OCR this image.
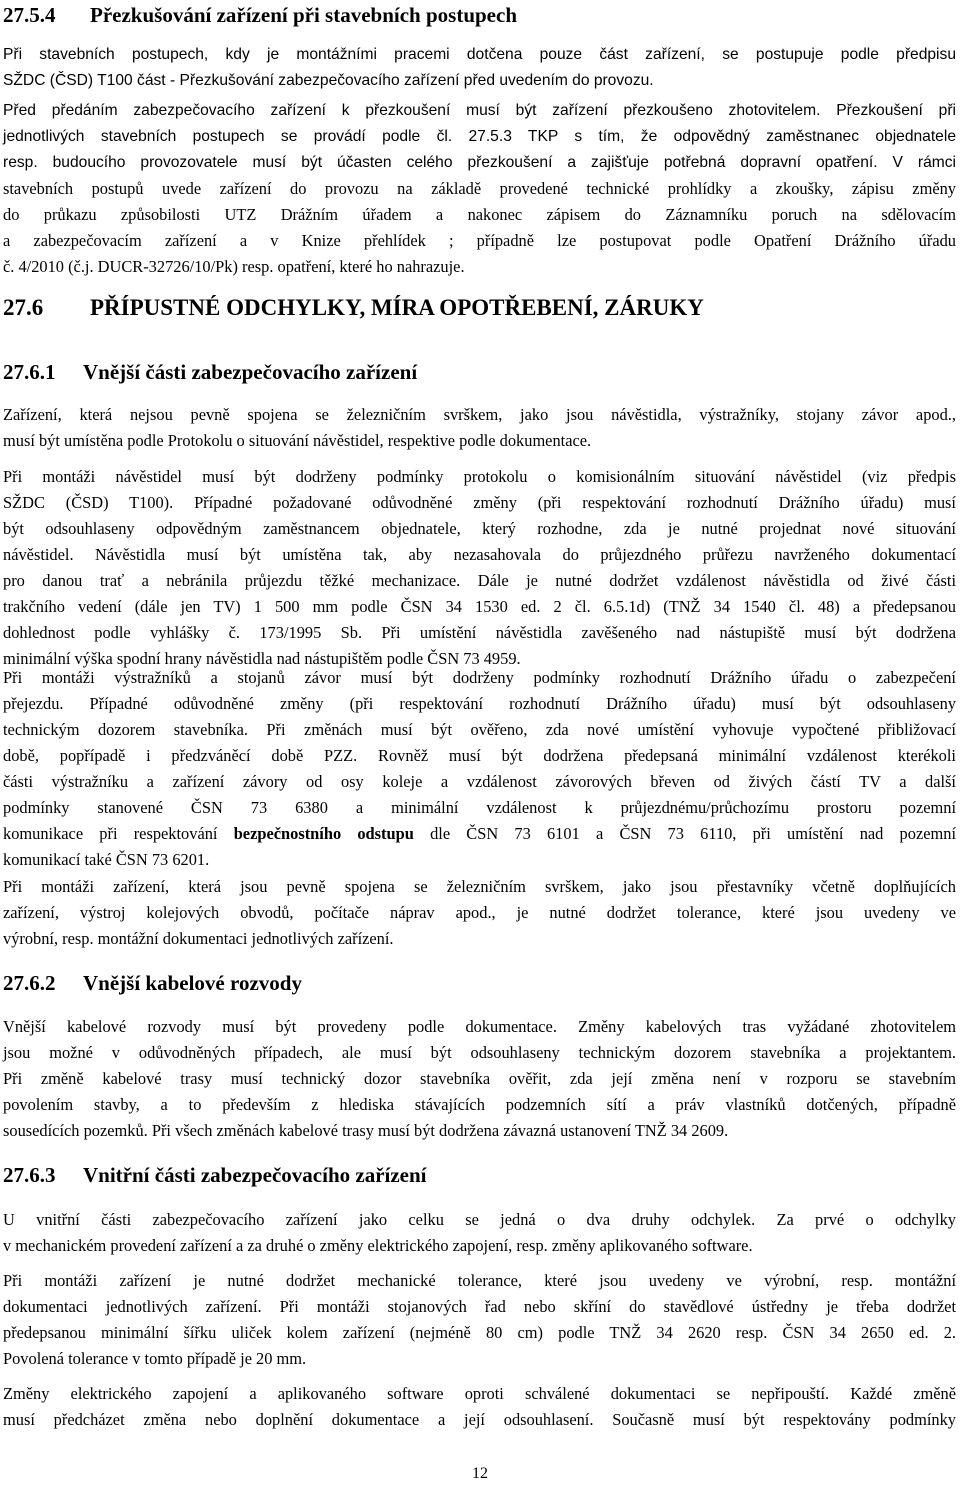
27.5.4 Přezkušování zařízení při stavebních postupech
Při stavebních postupech, kdy je montážními pracemi dotčena pouze část zařízení, se postupuje podle předpisu
SŽDC (ČSD) T100 část - Přezkušování zabezpečovacího zařízení před uvedením do provozu.
Před předáním zabezpečovacího zařízení k přezkoušení musí být zařízení přezkoušeno zhotovitelem. Přezkoušení při
jednotlivých stavebních postupech se provádí podle čl. 27.5.3 TKP s tím, že odpovědný zaměstnanec objednatele
resp. budoucího provozovatele musí být účasten celého přezkoušení a zajišťuje potřebná dopravní opatření. V rámci
stavebních postupů uvede zařízení do provozu na základě provedené technické prohlídky a zkoušky, zápisu změny
do průkazu způsobilosti UTZ Drážním úřadem a nakonec zápisem do Záznamníku poruch na sdělovacím
a zabezpečovacím zařízení a v Knize přehlídek ; případně lze postupovat podle Opatření Drážního úřadu
č. 4/2010 (č.j. DUCR-32726/10/Pk) resp. opatření, které ho nahrazuje.
27.6 PŘÍPUSTNÉ ODCHYLKY, MÍRA OPOTŘEBENÍ, ZÁRUKY
27.6.1 Vnější části zabezpečovacího zařízení
Zařízení, která nejsou pevně spojena se železničním svrškem, jako jsou návěstidla, výstražníky, stojany závor apod.,
musí být umístěna podle Protokolu o situování návěstidel, respektive podle dokumentace.
Při montáži návěstidel musí být dodrženy podmínky protokolu o komisionálním situování návěstidel (viz předpis
SŽDC (ČSD) T100). Případné požadované odůvodněné změny (při respektování rozhodnutí Drážního úřadu) musí
být odsouhlaseny odpovědným zaměstnancem objednatele, který rozhodne, zda je nutné projednat nové situování
návěstidel. Návěstidla musí být umístěna tak, aby nezasahovala do průjezdného průřezu navrženého dokumentací
pro danou trať a nebránila průjezdu těžké mechanizace. Dále je nutné dodržet vzdálenost návěstidla od živé části
trakčního vedení (dále jen TV) 1 500 mm podle ČSN 34 1530 ed. 2 čl. 6.5.1d) (TNŽ 34 1540 čl. 48) a předepsanou
dohlednost podle vyhlášky č. 173/1995 Sb. Při umístění návěstidla zavěšeného nad nástupiště musí být dodržena
minimální výška spodní hrany návěstidla nad nástupištěm podle ČSN 73 4959.
Při montáži výstražníků a stojanů závor musí být dodrženy podmínky rozhodnutí Drážního úřadu o zabezpečení
přejezdu. Případné odůvodněné změny (při respektování rozhodnutí Drážního úřadu) musí být odsouhlaseny
technickým dozorem stavebníka. Při změnách musí být ověřeno, zda nové umístění vyhovuje vypočtené přibližovací
době, popřípadě i předzváněcí době PZZ. Rovněž musí být dodržena předepsaná minimální vzdálenost kterékoli
části výstražníku a zařízení závory od osy koleje a vzdálenost závorových břeven od živých částí TV a další
podmínky stanovené ČSN 73 6380 a minimální vzdálenost k průjezdnému/průchozímu prostoru pozemní
komunikace při respektování bezpečnostního odstupu dle ČSN 73 6101 a ČSN 73 6110, při umístění nad pozemní
komunikací také ČSN 73 6201.
Při montáži zařízení, která jsou pevně spojena se železničním svrškem, jako jsou přestavníky včetně doplňujících
zařízení, výstroj kolejových obvodů, počítače náprav apod., je nutné dodržet tolerance, které jsou uvedeny ve
výrobní, resp. montážní dokumentaci jednotlivých zařízení.
27.6.2 Vnější kabelové rozvody
Vnější kabelové rozvody musí být provedeny podle dokumentace. Změny kabelových tras vyžádané zhotovitelem
jsou možné v odůvodněných případech, ale musí být odsouhlaseny technickým dozorem stavebníka a projektantem.
Při změně kabelové trasy musí technický dozor stavebníka ověřit, zda její změna není v rozporu se stavebním
povolením stavby, a to především z hlediska stávajících podzemních sítí a práv vlastníků dotčených, případně
sousedících pozemků. Při všech změnách kabelové trasy musí být dodržena závazná ustanovení TNŽ 34 2609.
27.6.3 Vnitřní části zabezpečovacího zařízení
U vnitřní části zabezpečovacího zařízení jako celku se jedná o dva druhy odchylek. Za prvé o odchylky
v mechanickém provedení zařízení a za druhé o změny elektrického zapojení, resp. změny aplikovaného software.
Při montáži zařízení je nutné dodržet mechanické tolerance, které jsou uvedeny ve výrobní, resp. montážní
dokumentaci jednotlivých zařízení. Při montáži stojanových řad nebo skříní do stavědlové ústředny je třeba dodržet
předepsanou minimální šířku uliček kolem zařízení (nejméně 80 cm) podle TNŽ 34 2620 resp. ČSN 34 2650 ed. 2.
Povolená tolerance v tomto případě je 20 mm.
Změny elektrického zapojení a aplikovaného software oproti schválené dokumentaci se nepřipouští. Každé změně
musí předcházet změna nebo doplnění dokumentace a její odsouhlasení. Současně musí být respektovány podmínky
12
